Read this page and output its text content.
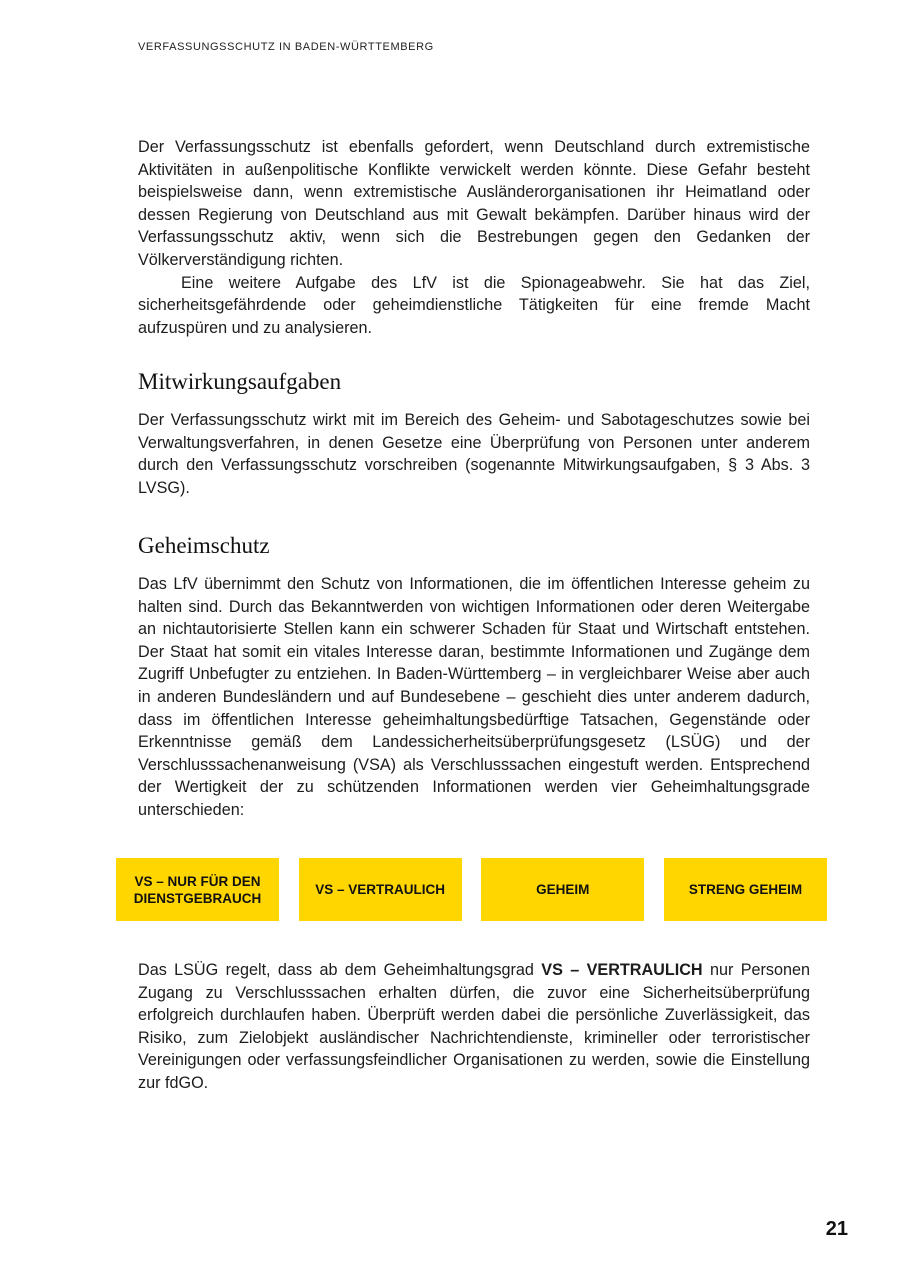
VERFASSUNGSSCHUTZ IN BADEN-WÜRTTEMBERG

Der Verfassungsschutz ist ebenfalls gefordert, wenn Deutschland durch extremistische Aktivitäten in außenpolitische Konflikte verwickelt werden könnte. Diese Gefahr besteht beispielsweise dann, wenn extremistische Ausländerorganisationen ihr Heimatland oder dessen Regierung von Deutschland aus mit Gewalt bekämpfen. Darüber hinaus wird der Verfassungsschutz aktiv, wenn sich die Bestrebungen gegen den Gedanken der Völkerverständigung richten.

Eine weitere Aufgabe des LfV ist die Spionageabwehr. Sie hat das Ziel, sicherheitsgefährdende oder geheimdienstliche Tätigkeiten für eine fremde Macht aufzuspüren und zu analysieren.

Mitwirkungsaufgaben

Der Verfassungsschutz wirkt mit im Bereich des Geheim- und Sabotageschutzes sowie bei Verwaltungsverfahren, in denen Gesetze eine Überprüfung von Personen unter anderem durch den Verfassungsschutz vorschreiben (sogenannte Mitwirkungsaufgaben, § 3 Abs. 3 LVSG).

Geheimschutz

Das LfV übernimmt den Schutz von Informationen, die im öffentlichen Interesse geheim zu halten sind. Durch das Bekanntwerden von wichtigen Informationen oder deren Weitergabe an nichtautorisierte Stellen kann ein schwerer Schaden für Staat und Wirtschaft entstehen. Der Staat hat somit ein vitales Interesse daran, bestimmte Informationen und Zugänge dem Zugriff Unbefugter zu entziehen. In Baden-Württemberg – in vergleichbarer Weise aber auch in anderen Bundesländern und auf Bundesebene – geschieht dies unter anderem dadurch, dass im öffentlichen Interesse geheimhaltungsbedürftige Tatsachen, Gegenstände oder Erkenntnisse gemäß dem Landessicherheitsüberprüfungsgesetz (LSÜG) und der Verschlusssachenanweisung (VSA) als Verschlusssachen eingestuft werden. Entsprechend der Wertigkeit der zu schützenden Informationen werden vier Geheimhaltungsgrade unterschieden:

VS – NUR FÜR DEN DIENSTGEBRAUCH
VS – VERTRAULICH	GEHEIM	STRENG GEHEIM

Das LSÜG regelt, dass ab dem Geheimhaltungsgrad VS – VERTRAULICH nur Personen Zugang zu Verschlusssachen erhalten dürfen, die zuvor eine Sicherheitsüberprüfung erfolgreich durchlaufen haben. Überprüft werden dabei die persönliche Zuverlässigkeit, das Risiko, zum Zielobjekt ausländischer Nachrichtendienste, krimineller oder terroristischer Vereinigungen oder verfassungsfeindlicher Organisationen zu werden, sowie die Einstellung zur fdGO.

21
